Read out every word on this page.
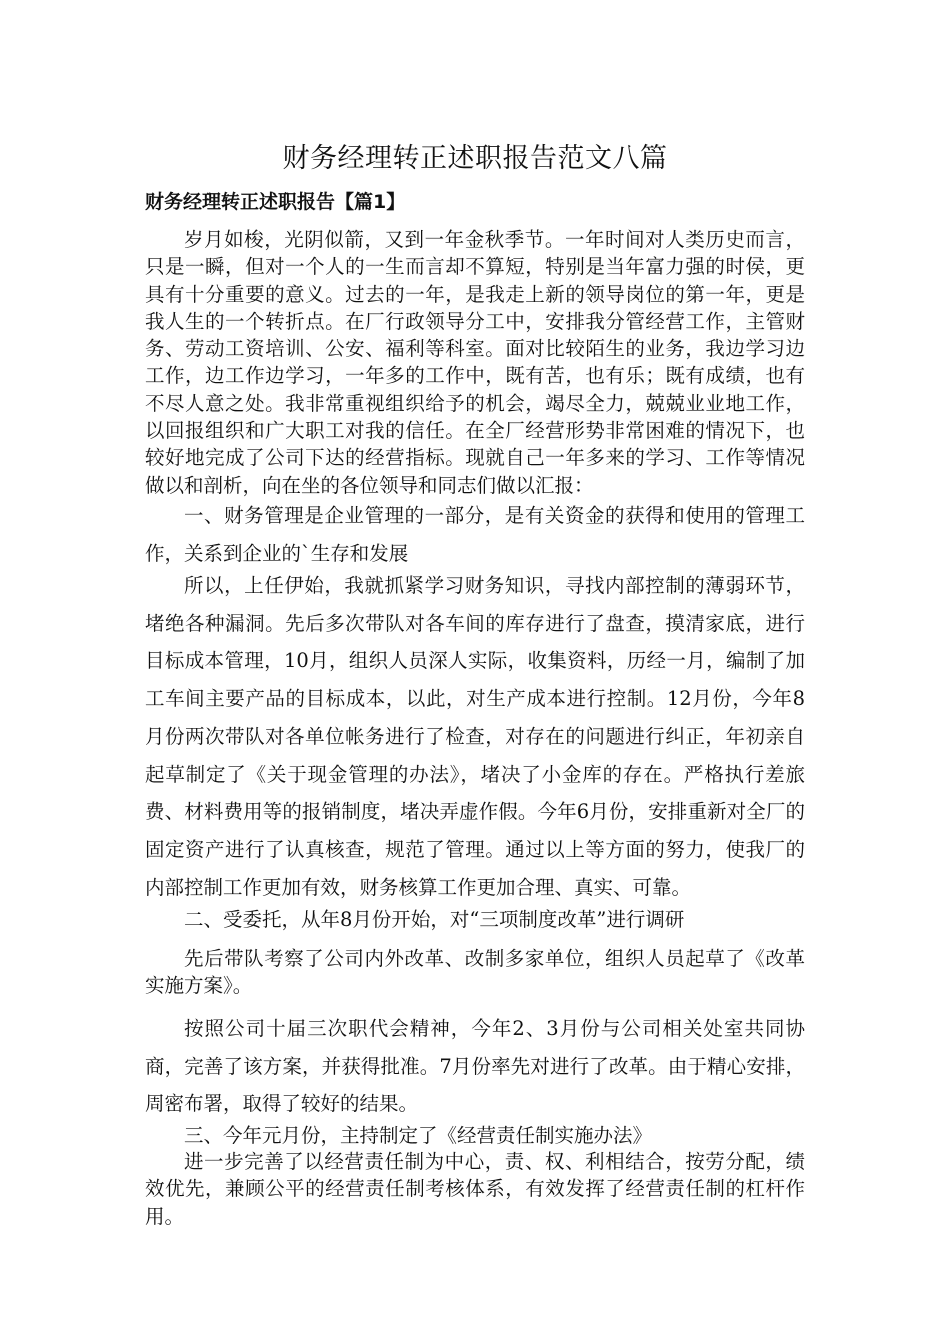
财务经理转正述职报告范文八篇
财务经理转正述职报告【篇1】

岁月如梭，光阴似箭，又到一年金秋季节。一年时间对人类历史而言，只是一瞬，但对一个人的一生而言却不算短，特别是当年富力强的时侯，更具有十分重要的意义。过去的一年，是我走上新的领导岗位的第一年，更是我人生的一个转折点。在厂行政领导分工中，安排我分管经营工作，主管财务、劳动工资培训、公安、福利等科室。面对比较陌生的业务，我边学习边工作，边工作边学习，一年多的工作中，既有苦，也有乐；既有成绩，也有不尽人意之处。我非常重视组织给予的机会，竭尽全力，兢兢业业地工作，以回报组织和广大职工对我的信任。在全厂经营形势非常困难的情况下，也较好地完成了公司下达的经营指标。现就自己一年多来的学习、工作等情况做以和剖析，向在坐的各位领导和同志们做以汇报：

一、财务管理是企业管理的一部分，是有关资金的获得和使用的管理工作，关系到企业的`生存和发展

所以，上任伊始，我就抓紧学习财务知识，寻找内部控制的薄弱环节，堵绝各种漏洞。先后多次带队对各车间的库存进行了盘查，摸清家底，进行目标成本管理，10月，组织人员深人实际，收集资料，历经一月，编制了加工车间主要产品的目标成本，以此，对生产成本进行控制。12月份，今年8月份两次带队对各单位帐务进行了检查，对存在的问题进行纠正，年初亲自起草制定了《关于现金管理的办法》，堵决了小金库的存在。严格执行差旅费、材料费用等的报销制度，堵决弄虚作假。今年6月份，安排重新对全厂的固定资产进行了认真核查，规范了管理。通过以上等方面的努力，使我厂的内部控制工作更加有效，财务核算工作更加合理、真实、可靠。

二、受委托，从年8月份开始，对“三项制度改革”进行调研

先后带队考察了公司内外改革、改制多家单位，组织人员起草了《改革实施方案》。

按照公司十届三次职代会精神，今年2、3月份与公司相关处室共同协商，完善了该方案，并获得批准。7月份率先对进行了改革。由于精心安排，周密布署，取得了较好的结果。

三、今年元月份，主持制定了《经营责任制实施办法》

进一步完善了以经营责任制为中心，责、权、利相结合，按劳分配，绩效优先，兼顾公平的经营责任制考核体系，有效发挥了经营责任制的杠杆作用。
